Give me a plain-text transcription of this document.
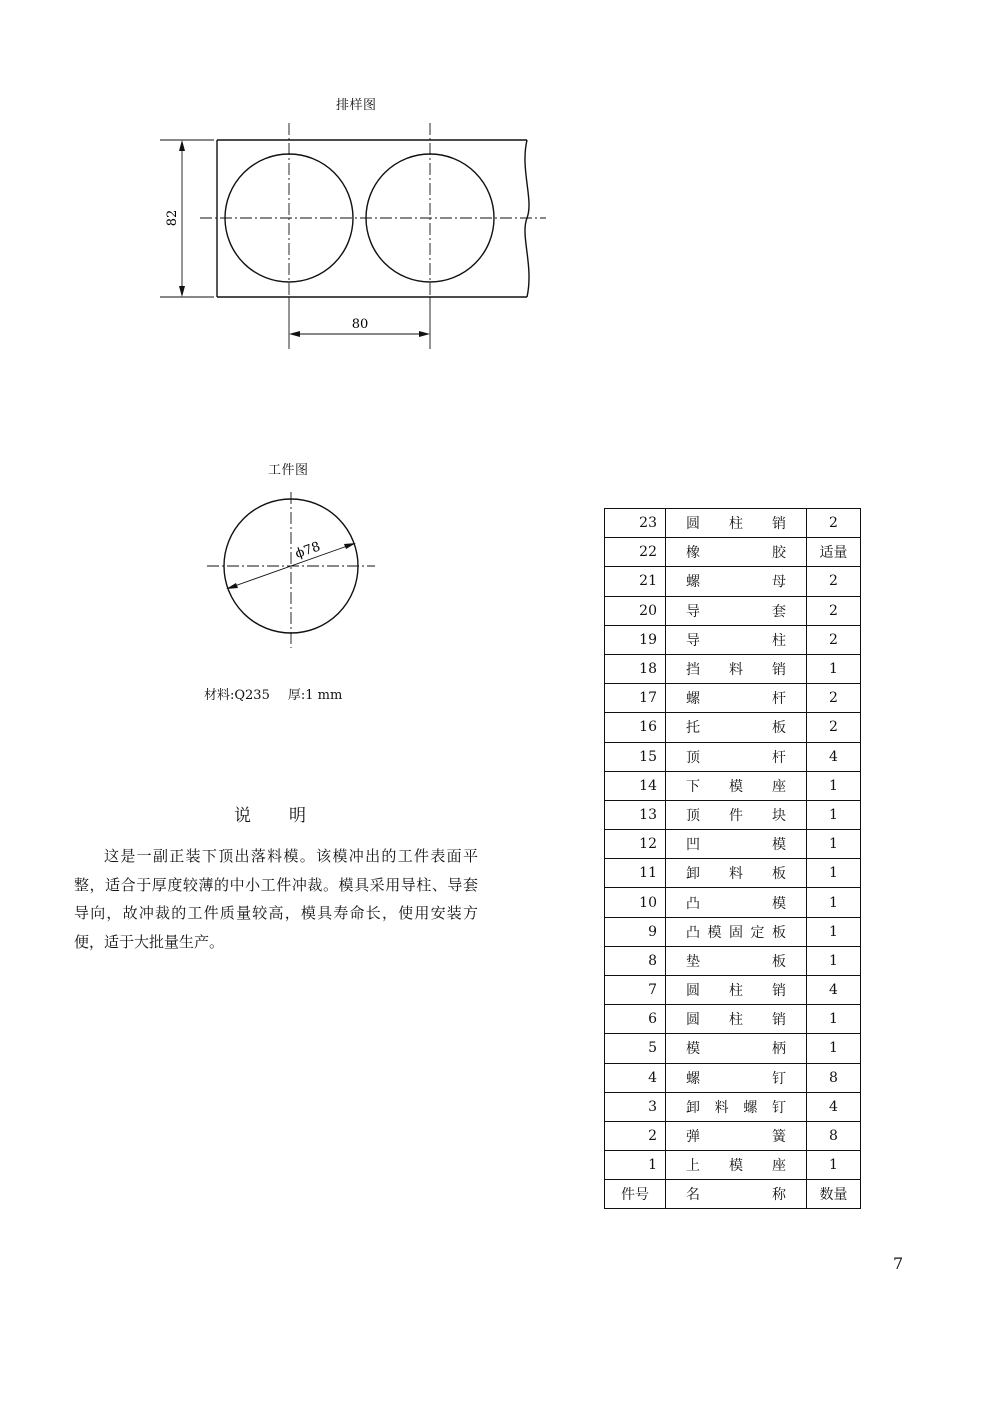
排样图
82
80
工件图
ϕ78
材料:Q235 厚:1 mm
说明
这是一副正装下顶出落料模。该模冲出的工件表面平整，适合于厚度较薄的中小工件冲裁。模具采用导柱、导套导向，故冲裁的工件质量较高，模具寿命长，使用安装方便，适于大批量生产。
23	圆柱销	2
22	橡胶	适量
21	螺母	2
20	导套	2
19	导柱	2
18	挡料销	1
17	螺杆	2
16	托板	2
15	顶杆	4
14	下模座	1
13	顶件块	1
12	凹模	1
11	卸料板	1
10	凸模	1
9	凸模固定板	1
8	垫板	1
7	圆柱销	4
6	圆柱销	1
5	模柄	1
4	螺钉	8
3	卸料螺钉	4
2	弹簧	8
1	上模座	1
件号	名称	数量
7
